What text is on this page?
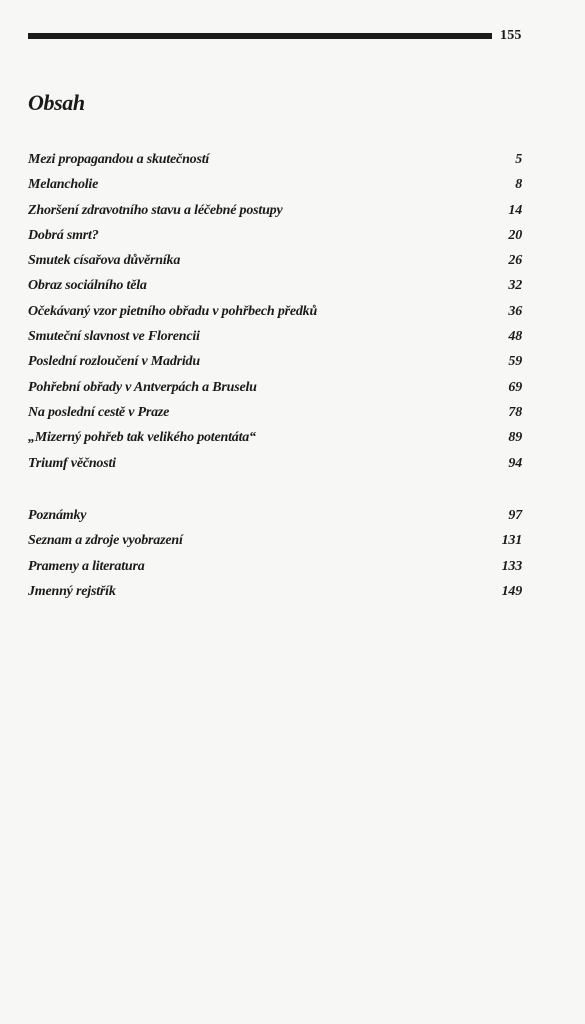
155
Obsah
Mezi propagandou a skutečností	5
Melancholie	8
Zhoršení zdravotního stavu a léčebné postupy	14
Dobrá smrt?	20
Smutek císařova důvěrníka	26
Obraz sociálního těla	32
Očekávaný vzor pietního obřadu v pohřbech předků	36
Smuteční slavnost ve Florencii	48
Poslední rozloučení v Madridu	59
Pohřební obřady v Antverpách a Bruselu	69
Na poslední cestě v Praze	78
„Mizerný pohřeb tak velikého potentáta“	89
Triumf věčnosti	94
Poznámky	97
Seznam a zdroje vyobrazení	131
Prameny a literatura	133
Jmenný rejstřík	149
